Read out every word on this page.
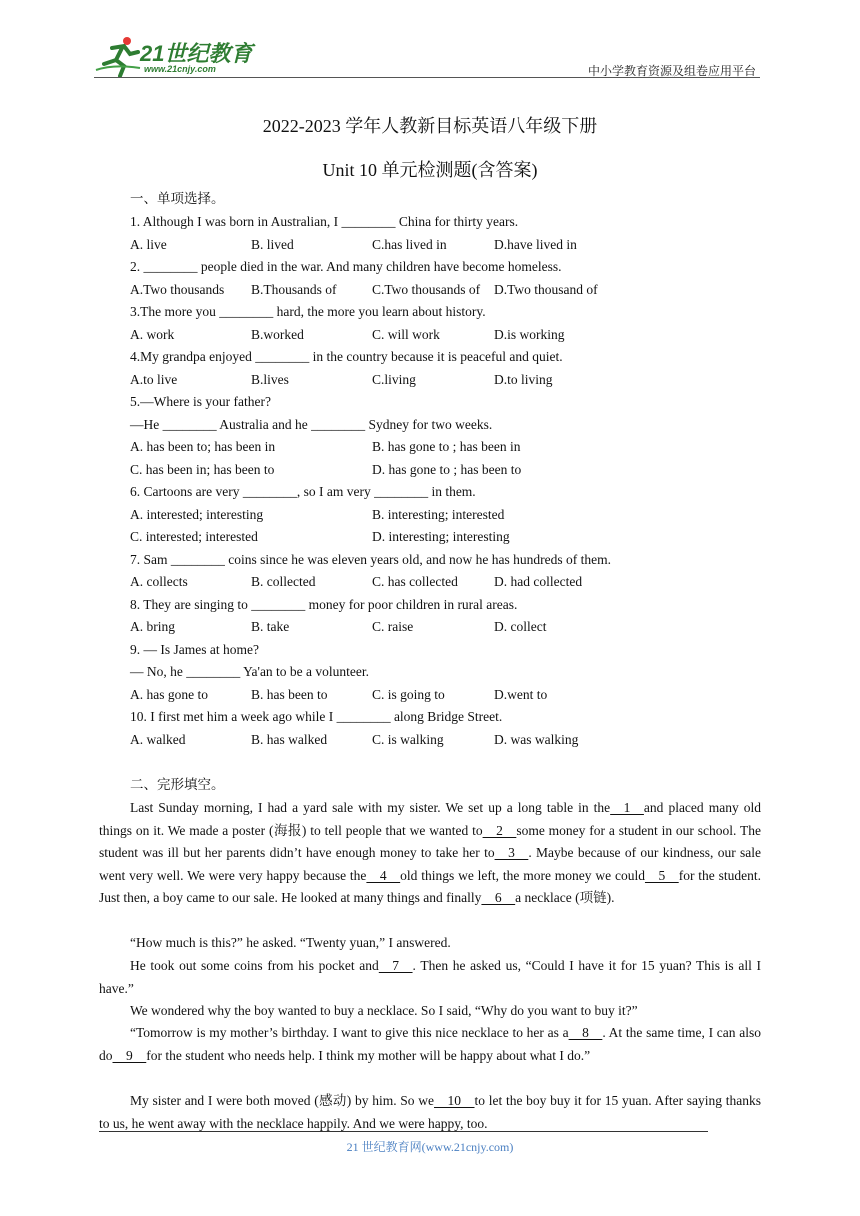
21世纪教育
www.21cnjy.com	中小学教育资源及组卷应用平台
2022-2023 学年人教新目标英语八年级下册
Unit 10 单元检测题(含答案)
一、单项选择。
1. Although I was born in Australian, I ________ China for thirty years.
A. live	B. lived	C.has lived in	D.have lived in
2. ________ people died in the war. And many children have become homeless.
A.Two thousands B.Thousands of	C.Two thousands of D.Two thousand of
3.The more you ________ hard, the more you learn about history.
A. work	B.worked	C. will work	D.is working
4.My grandpa enjoyed ________ in the country because it is peaceful and quiet.
A.to live	B.lives	C.living	D.to living
5.—Where is your father?
—He ________ Australia and he ________ Sydney for two weeks.
A. has been to; has been in	B. has gone to ; has been in
C. has been in; has been to	D. has gone to ; has been to
6. Cartoons are very ________, so I am very ________ in them.
A. interested; interesting	B. interesting; interested
C. interested; interested	D. interesting; interesting
7. Sam ________ coins since he was eleven years old, and now he has hundreds of them.
A. collects	B. collected	C. has collected	D. had collected
8. They are singing to ________ money for poor children in rural areas.
A. bring	B. take	C. raise	D. collect
9. — Is James at home?
— No, he ________ Ya'an to be a volunteer.
A. has gone to	B. has been to	C. is going to	D.went to
10. I first met him a week ago while I ________ along Bridge Street.
A. walked	B. has walked	C. is walking	D. was walking
二、完形填空。
Last Sunday morning, I had a yard sale with my sister. We set up a long table in the    1    and placed many old things on it. We made a poster (海报) to tell people that we wanted to    2    some money for a student in our school. The student was ill but her parents didn’t have enough money to take her to    3    . Maybe because of our kindness, our sale went very well. We were very happy because the    4    old things we left, the more money we could    5    for the student. Just then, a boy came to our sale. He looked at many things and finally    6    a necklace (项链).
“How much is this?” he asked. “Twenty yuan,” I answered.
He took out some coins from his pocket and    7    . Then he asked us, “Could I have it for 15 yuan? This is all I have.”
We wondered why the boy wanted to buy a necklace. So I said, “Why do you want to buy it?”
“Tomorrow is my mother’s birthday. I want to give this nice necklace to her as a    8    . At the same time, I can also do    9    for the student who needs help. I think my mother will be happy about what I do.”
My sister and I were both moved (感动) by him. So we    10    to let the boy buy it for 15 yuan. After saying thanks to us, he went away with the necklace happily. And we were happy, too.
21 世纪教育网(www.21cnjy.com)
